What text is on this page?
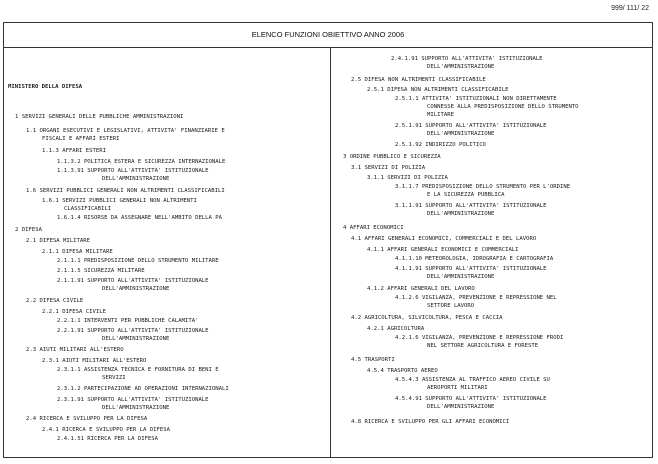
999/ 111/ 22
ELENCO FUNZIONI OBIETTIVO ANNO 2006
MINISTERO DELLA DIFESA
1 SERVIZI GENERALI DELLE PUBBLICHE AMMINISTRAZIONI
1.1 ORGANI ESECUTIVI E LEGISLATIVI, ATTIVITA' FINANZIARIE E
FISCALI E AFFARI ESTERI
1.1.3 AFFARI ESTERI
1.1.3.2 POLITICA ESTERA E SICUREZZA INTERNAZIONALE
1.1.3.91 SUPPORTO ALL'ATTIVITA' ISTITUZIONALE
DELL'AMMINISTRAZIONE
1.6 SERVIZI PUBBLICI GENERALI NON ALTRIMENTI CLASSIFICABILI
1.6.1 SERVIZI PUBBLICI GENERALI NON ALTRIMENTI
CLASSIFICABILI
1.6.1.4 RISORSE DA ASSEGNARE NELL'AMBITO DELLA PA
2 DIFESA
2.1 DIFESA MILITARE
2.1.1 DIFESA MILITARE
2.1.1.1 PREDISPOSIZIONE DELLO STRUMENTO MILITARE
2.1.1.5 SICUREZZA MILITARE
2.1.1.91 SUPPORTO ALL'ATTIVITA' ISTITUZIONALE
DELL'AMMINISTRAZIONE
2.2 DIFESA CIVILE
2.2.1 DIFESA CIVILE
2.2.1.1 INTERVENTI PER PUBBLICHE CALAMITA'
2.2.1.91 SUPPORTO ALL'ATTIVITA' ISTITUZIONALE
DELL'AMMINISTRAZIONE
2.3 AIUTI MILITARI ALL'ESTERO
2.3.1 AIUTI MILITARI ALL'ESTERO
2.3.1.1 ASSISTENZA TECNICA E FORNITURA DI BENI E
SERVIZI
2.3.1.2 PARTECIPAZIONE AD OPERAZIONI INTERNAZIONALI
2.3.1.91 SUPPORTO ALL'ATTIVITA' ISTITUZIONALE
DELL'AMMINISTRAZIONE
2.4 RICERCA E SVILUPPO PER LA DIFESA
2.4.1 RICERCA E SVILUPPO PER LA DIFESA
2.4.1.51 RICERCA PER LA DIFESA
2.4.1.91 SUPPORTO ALL'ATTIVITA' ISTITUZIONALE
DELL'AMMINISTRAZIONE
2.5 DIFESA NON ALTRIMENTI CLASSIFICABILE
2.5.1 DIFESA NON ALTRIMENTI CLASSIFICABILE
2.5.1.1 ATTIVITA' ISTITUZIONALI NON DIRETTAMENTE
CONNESSE ALLA PREDISPOSIZIONE DELLO STRUMENTO
MILITARE
2.5.1.91 SUPPORTO ALL'ATTIVITA' ISTITUZIONALE
DELL'AMMINISTRAZIONE
2.5.1.92 INDIRIZZO POLITICO
3 ORDINE PUBBLICO E SICUREZZA
3.1 SERVIZI DI POLIZIA
3.1.1 SERVIZI DI POLIZIA
3.1.1.7 PREDISPOSIZIONE DELLO STRUMENTO PER L'ORDINE
E LA SICUREZZA PUBBLICA
3.1.1.91 SUPPORTO ALL'ATTIVITA' ISTITUZIONALE
DELL'AMMINISTRAZIONE
4 AFFARI ECONOMICI
4.1 AFFARI GENERALI ECONOMICI, COMMERCIALI E DEL LAVORO
4.1.1 AFFARI GENERALI ECONOMICI E COMMERCIALI
4.1.1.10 METEOROLOGIA, IDROGRAFIA E CARTOGRAFIA
4.1.1.91 SUPPORTO ALL'ATTIVITA' ISTITUZIONALE
DELL'AMMINISTRAZIONE
4.1.2 AFFARI GENERALI DEL LAVORO
4.1.2.6 VIGILANZA, PREVENZIONE E REPRESSIONE NEL
SETTORE LAVORO
4.2 AGRICOLTURA, SILVICOLTURA, PESCA E CACCIA
4.2.1 AGRICOLTURA
4.2.1.6 VIGILANZA, PREVENZIONE E REPRESSIONE FRODI
NEL SETTORE AGRICOLTURA E FORESTE
4.5 TRASPORTI
4.5.4 TRASPORTO AEREO
4.5.4.3 ASSISTENZA AL TRAFFICO AEREO CIVILE SU
AEROPORTI MILITARI
4.5.4.91 SUPPORTO ALL'ATTIVITA' ISTITUZIONALE
DELL'AMMINISTRAZIONE
4.8 RICERCA E SVILUPPO PER GLI AFFARI ECONOMICI
